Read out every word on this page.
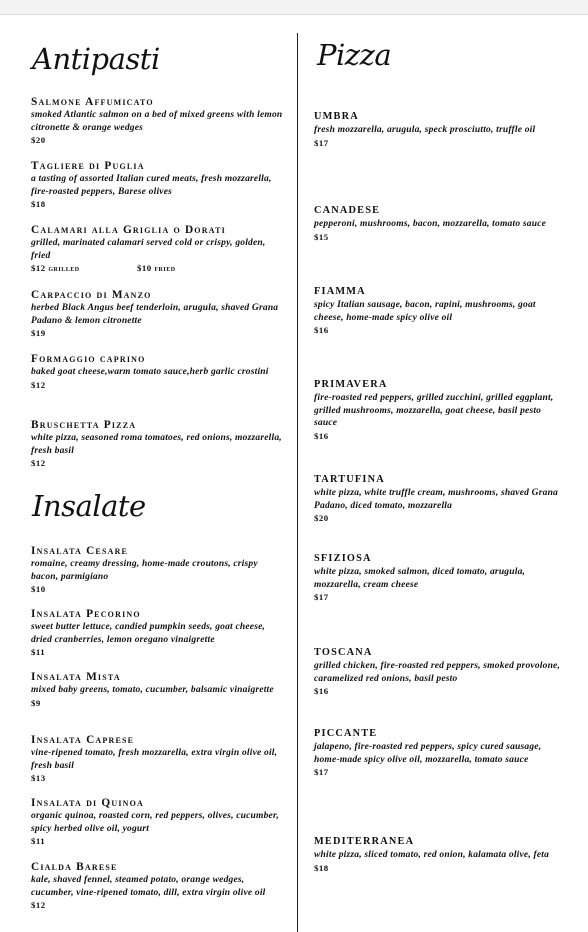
Antipasti
Salmone Affumicato
smoked Atlantic salmon on a bed of mixed greens with lemon citronette & orange wedges
$20
Tagliere di Puglia
a tasting of assorted Italian cured meats, fresh mozzarella, fire-roasted peppers, Barese olives
$18
Calamari alla Griglia o Dorati
grilled, marinated calamari served cold or crispy, golden, fried
$12 grilled	$10 fried
Carpaccio di Manzo
herbed Black Angus beef tenderloin, arugula, shaved Grana Padano & lemon citronette
$19
Formaggio caprino
baked goat cheese,warm tomato sauce,herb garlic crostini
$12
Bruschetta Pizza
white pizza, seasoned roma tomatoes, red onions, mozzarella, fresh basil
$12
Insalate
Insalata Cesare
romaine, creamy dressing, home-made croutons, crispy bacon, parmigiano
$10
Insalata Pecorino
sweet butter lettuce, candied pumpkin seeds, goat cheese, dried cranberries, lemon oregano vinaigrette
$11
Insalata Mista
mixed baby greens, tomato, cucumber, balsamic vinaigrette
$9
Insalata Caprese
vine-ripened tomato, fresh mozzarella, extra virgin olive oil, fresh basil
$13
Insalata di Quinoa
organic quinoa, roasted corn, red peppers, olives, cucumber, spicy herbed olive oil, yogurt
$11
Cialda Barese
kale, shaved fennel, steamed potato, orange wedges, cucumber, vine-ripened tomato, dill, extra virgin olive oil
$12
Pizza
UMBRA
fresh mozzarella, arugula, speck prosciutto, truffle oil
$17
CANADESE
pepperoni, mushrooms, bacon, mozzarella, tomato sauce
$15
FIAMMA
spicy Italian sausage, bacon, rapini, mushrooms, goat cheese, home-made spicy olive oil
$16
PRIMAVERA
fire-roasted red peppers, grilled zucchini, grilled eggplant, grilled mushrooms, mozzarella, goat cheese, basil pesto sauce
$16
TARTUFINA
white pizza, white truffle cream, mushrooms, shaved Grana Padano, diced tomato, mozzarella
$20
SFIZIOSA
white pizza, smoked salmon, diced tomato, arugula, mozzarella, cream cheese
$17
TOSCANA
grilled chicken, fire-roasted red peppers, smoked provolone, caramelized red onions, basil pesto
$16
PICCANTE
jalapeno, fire-roasted red peppers, spicy cured sausage, home-made spicy olive oil, mozzarella, tomato sauce
$17
MEDITERRANEA
white pizza, sliced tomato, red onion, kalamata olive, feta
$18
